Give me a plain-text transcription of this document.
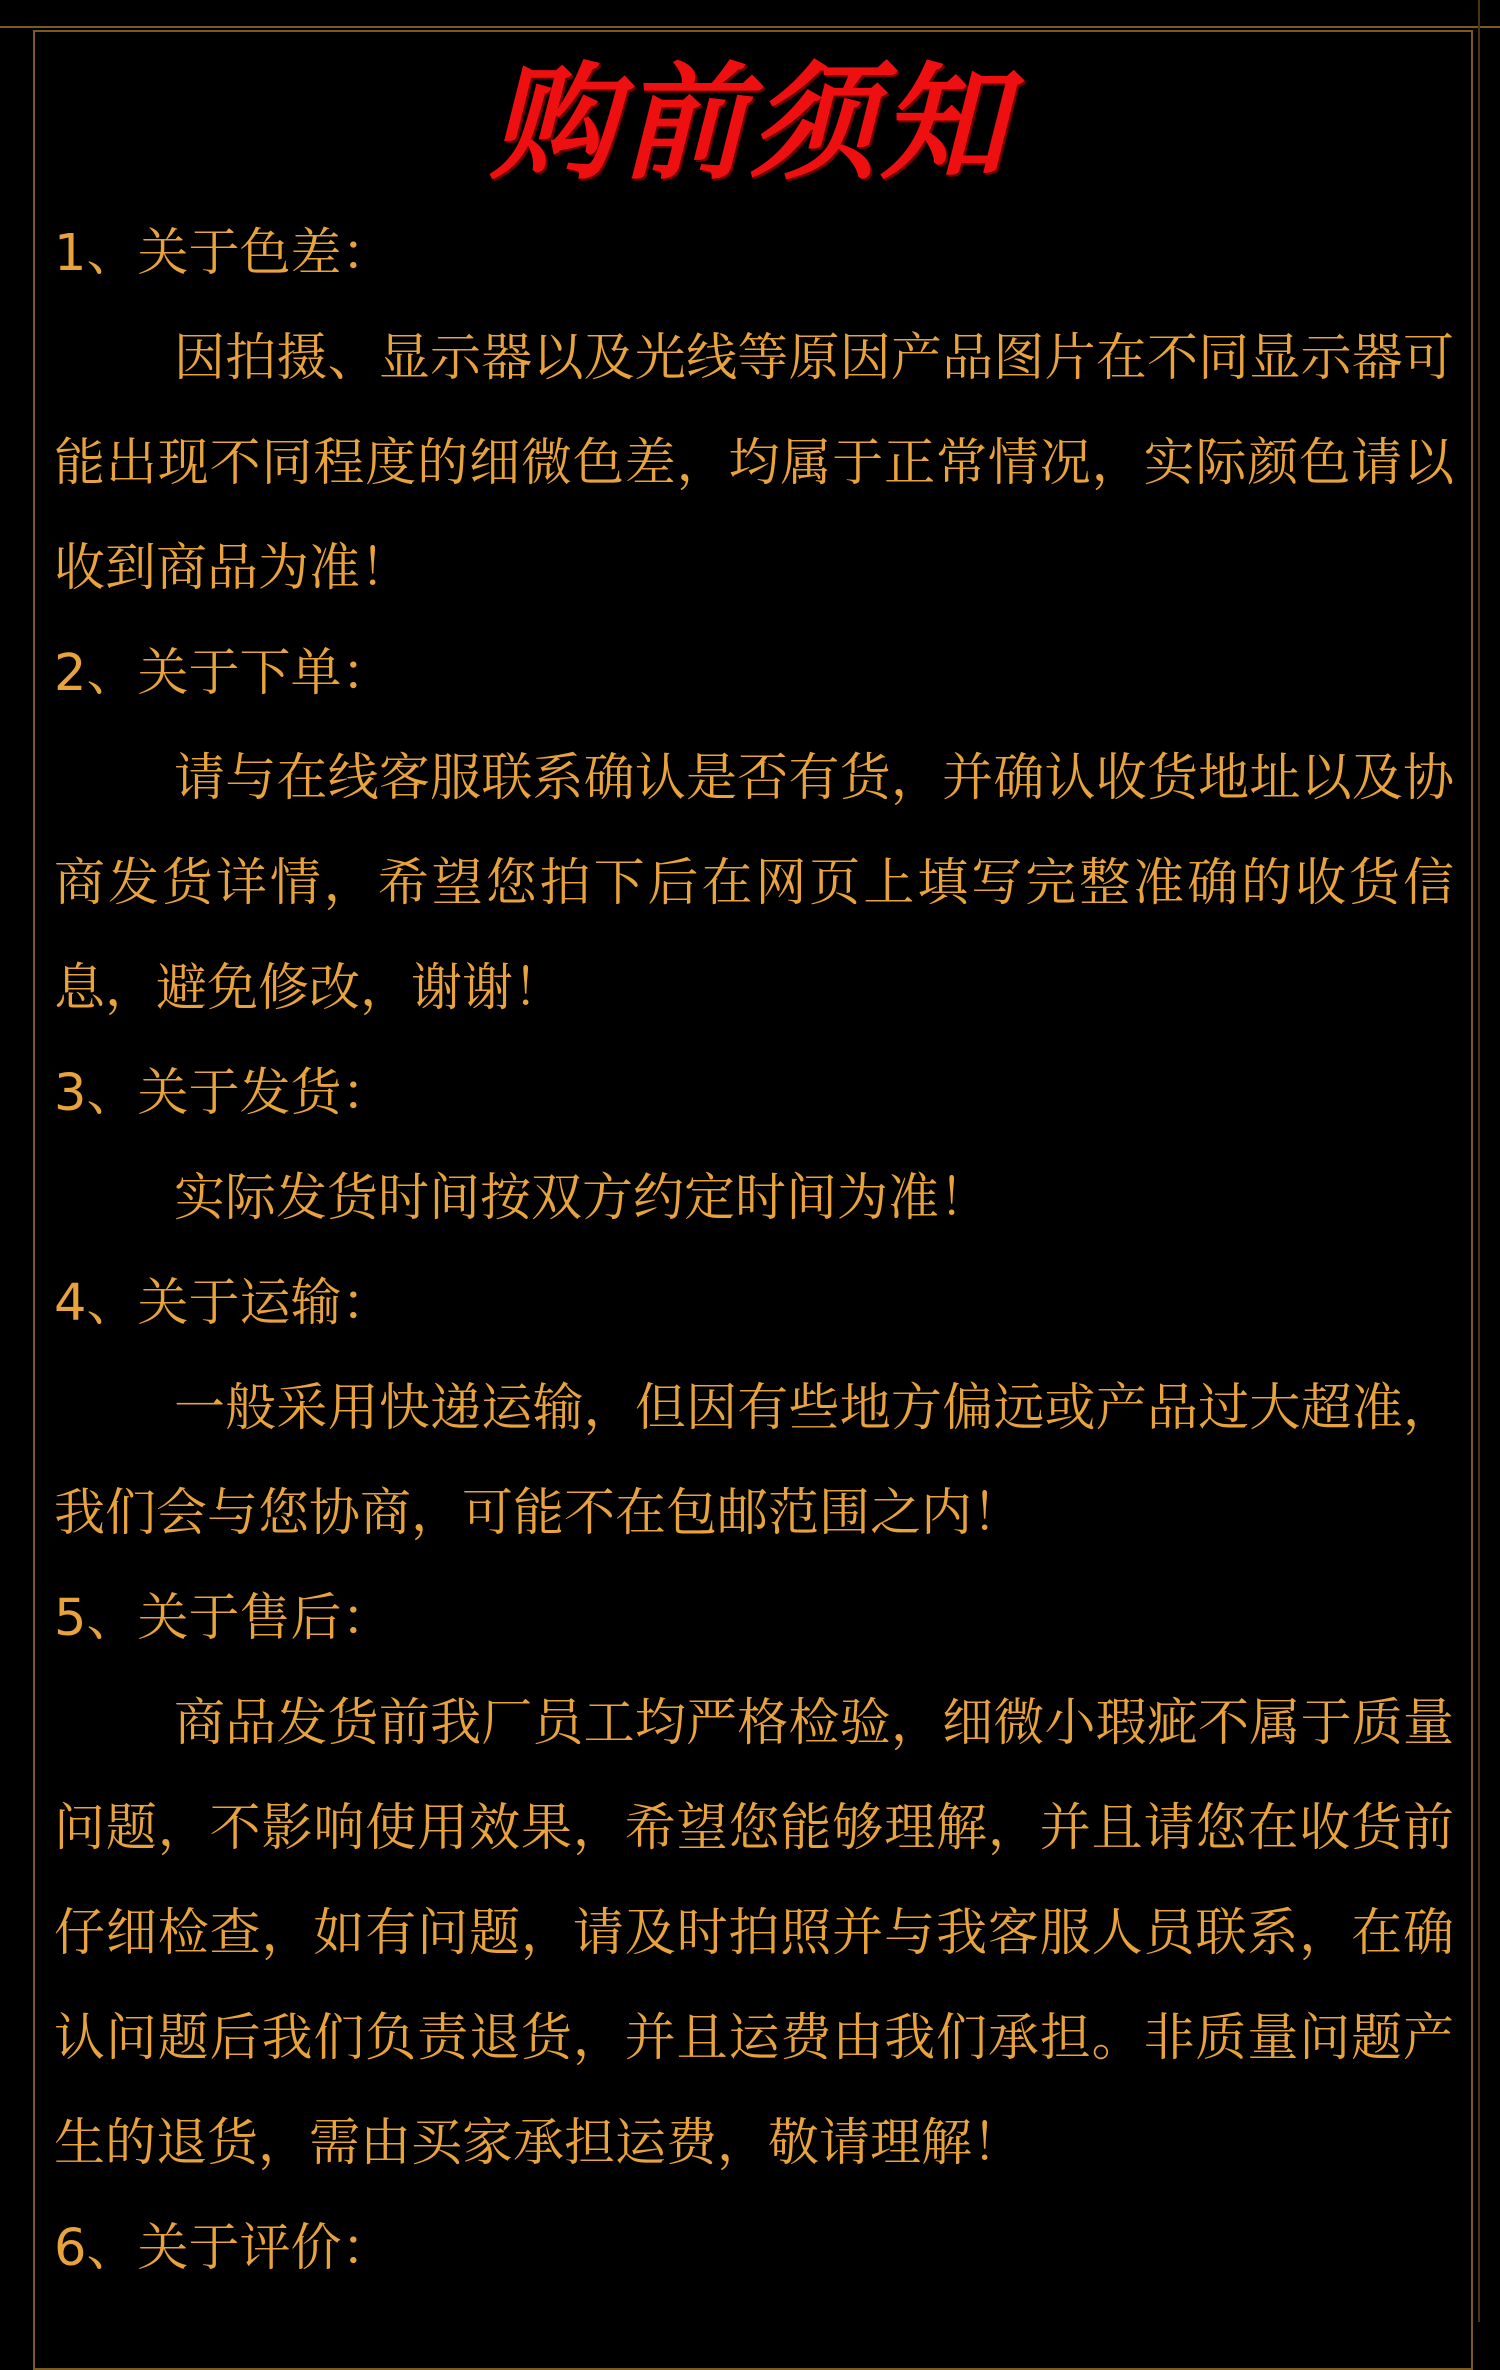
购前须知

1、关于色差：

因拍摄、显示器以及光线等原因产品图片在不同显示器可能出现不同程度的细微色差，均属于正常情况，实际颜色请以收到商品为准！

2、关于下单：

请与在线客服联系确认是否有货，并确认收货地址以及协商发货详情，希望您拍下后在网页上填写完整准确的收货信息，避免修改，谢谢！

3、关于发货：

实际发货时间按双方约定时间为准！

4、关于运输：

一般采用快递运输，但因有些地方偏远或产品过大超准，我们会与您协商，可能不在包邮范围之内！

5、关于售后：

商品发货前我厂员工均严格检验，细微小瑕疵不属于质量问题，不影响使用效果，希望您能够理解，并且请您在收货前仔细检查，如有问题，请及时拍照并与我客服人员联系，在确认问题后我们负责退货，并且运费由我们承担。非质量问题产生的退货，需由买家承担运费，敬请理解！

6、关于评价：
